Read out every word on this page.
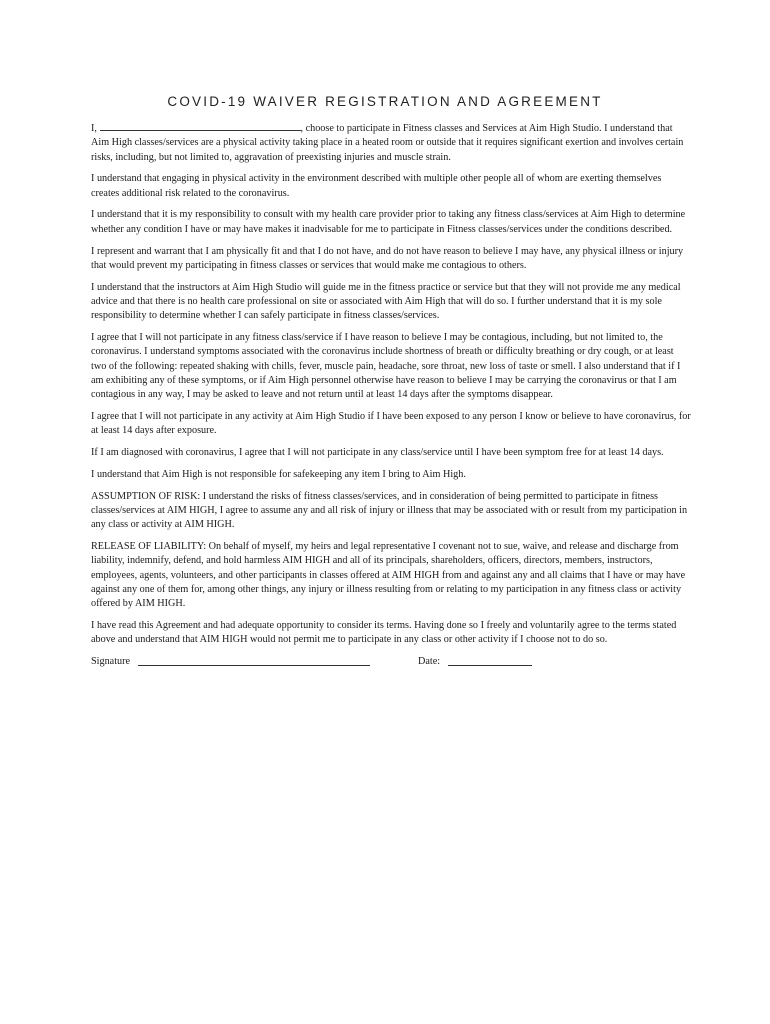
COVID-19 WAIVER REGISTRATION AND AGREEMENT

I,	, choose to participate in Fitness classes and Services at Aim High Studio. I understand that Aim High classes/services are a physical activity taking place in a heated room or outside that it requires significant exertion and involves certain risks, including, but not limited to, aggravation of preexisting injuries and muscle strain.

I understand that engaging in physical activity in the environment described with multiple other people all of whom are exerting themselves creates additional risk related to the coronavirus.

I understand that it is my responsibility to consult with my health care provider prior to taking any fitness class/services at Aim High to determine whether any condition I have or may have makes it inadvisable for me to participate in Fitness classes/services under the conditions described.

I represent and warrant that I am physically fit and that I do not have, and do not have reason to believe I may have, any physical illness or injury that would prevent my participating in fitness classes or services that would make me contagious to others.

I understand that the instructors at Aim High Studio will guide me in the fitness practice or service but that they will not provide me any medical advice and that there is no health care professional on site or associated with Aim High that will do so. I further understand that it is my sole responsibility to determine whether I can safely participate in fitness classes/services.

I agree that I will not participate in any fitness class/service if I have reason to believe I may be contagious, including, but not limited to, the coronavirus. I understand symptoms associated with the coronavirus include shortness of breath or difficulty breathing or dry cough, or at least two of the following: repeated shaking with chills, fever, muscle pain, headache, sore throat, new loss of taste or smell. I also understand that if I am exhibiting any of these symptoms, or if Aim High personnel otherwise have reason to believe I may be carrying the coronavirus or that I am contagious in any way, I may be asked to leave and not return until at least 14 days after the symptoms disappear.

I agree that I will not participate in any activity at Aim High Studio if I have been exposed to any person I know or believe to have coronavirus, for at least 14 days after exposure.

If I am diagnosed with coronavirus, I agree that I will not participate in any class/service until I have been symptom free for at least 14 days.

I understand that Aim High is not responsible for safekeeping any item I bring to Aim High.

ASSUMPTION OF RISK: I understand the risks of fitness classes/services, and in consideration of being permitted to participate in fitness classes/services at AIM HIGH, I agree to assume any and all risk of injury or illness that may be associated with or result from my participation in any class or activity at AIM HIGH.

RELEASE OF LIABILITY: On behalf of myself, my heirs and legal representative I covenant not to sue, waive, and release and discharge from liability, indemnify, defend, and hold harmless AIM HIGH and all of its principals, shareholders, officers, directors, members, instructors, employees, agents, volunteers, and other participants in classes offered at AIM HIGH from and against any and all claims that I have or may have against any one of them for, among other things, any injury or illness resulting from or relating to my participation in any fitness class or activity offered by AIM HIGH.

I have read this Agreement and had adequate opportunity to consider its terms. Having done so I freely and voluntarily agree to the terms stated above and understand that AIM HIGH would not permit me to participate in any class or other activity if I choose not to do so.

Signature	Date:
